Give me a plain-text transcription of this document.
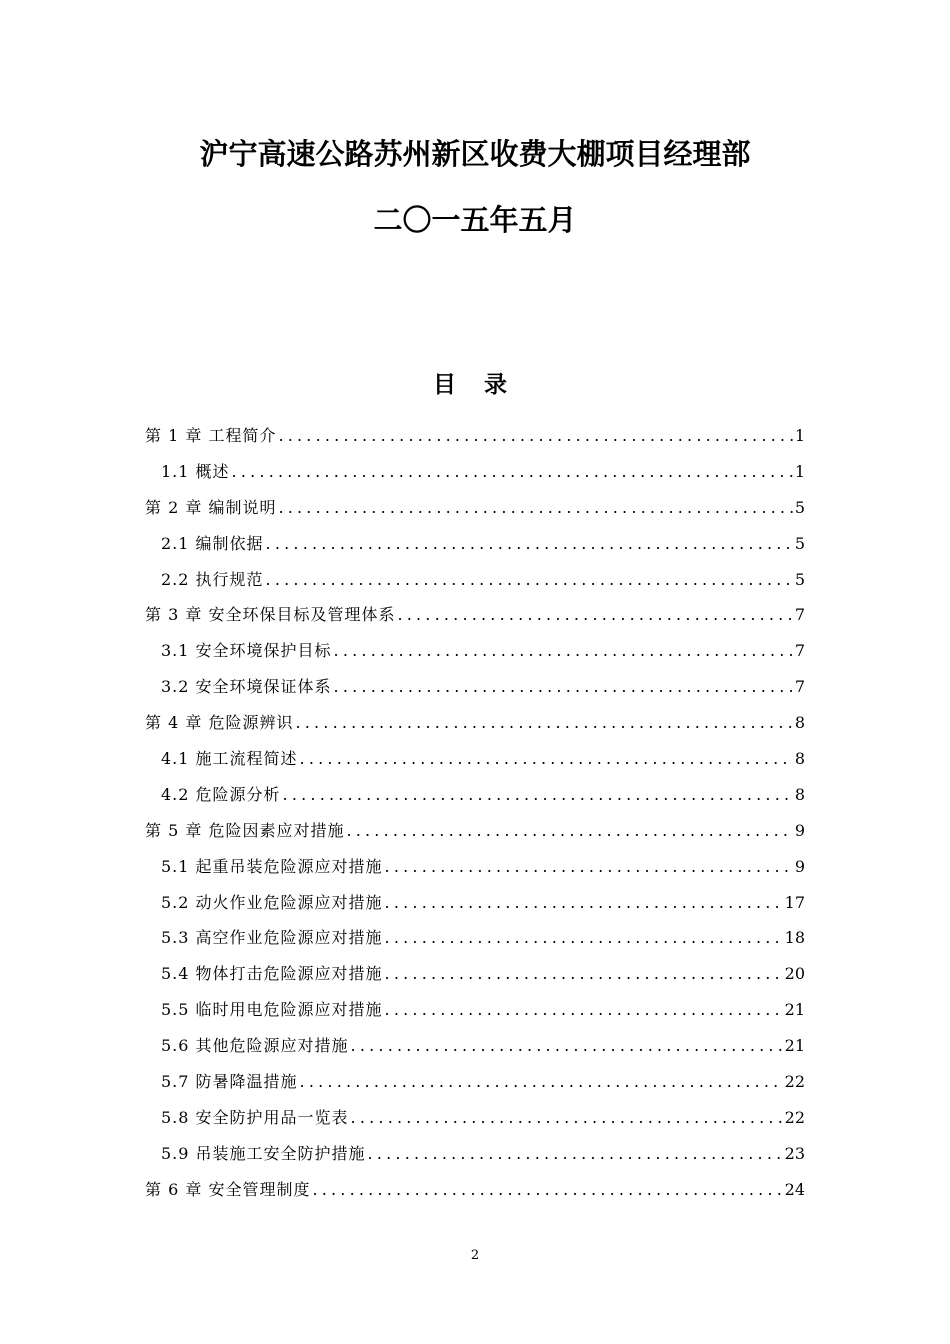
沪宁高速公路苏州新区收费大棚项目经理部
二〇一五年五月
目 录
第 1 章 工程简介 .....	1
1.1 概述 .....	1
第 2 章 编制说明 .....	5
2.1 编制依据 .....	5
2.2 执行规范 .....	5
第 3 章 安全环保目标及管理体系 .....	7
3.1 安全环境保护目标 .....	7
3.2 安全环境保证体系 .....	7
第 4 章 危险源辨识 .....	8
4.1 施工流程简述 .....	8
4.2 危险源分析 .....	8
第 5 章 危险因素应对措施 .....	9
5.1 起重吊装危险源应对措施 .....	9
5.2 动火作业危险源应对措施 .....	17
5.3 高空作业危险源应对措施 .....	18
5.4 物体打击危险源应对措施 .....	20
5.5 临时用电危险源应对措施 .....	21
5.6 其他危险源应对措施 .....	21
5.7 防暑降温措施 .....	22
5.8 安全防护用品一览表 .....	22
5.9 吊装施工安全防护措施 .....	23
第 6 章 安全管理制度 .....	24

2
